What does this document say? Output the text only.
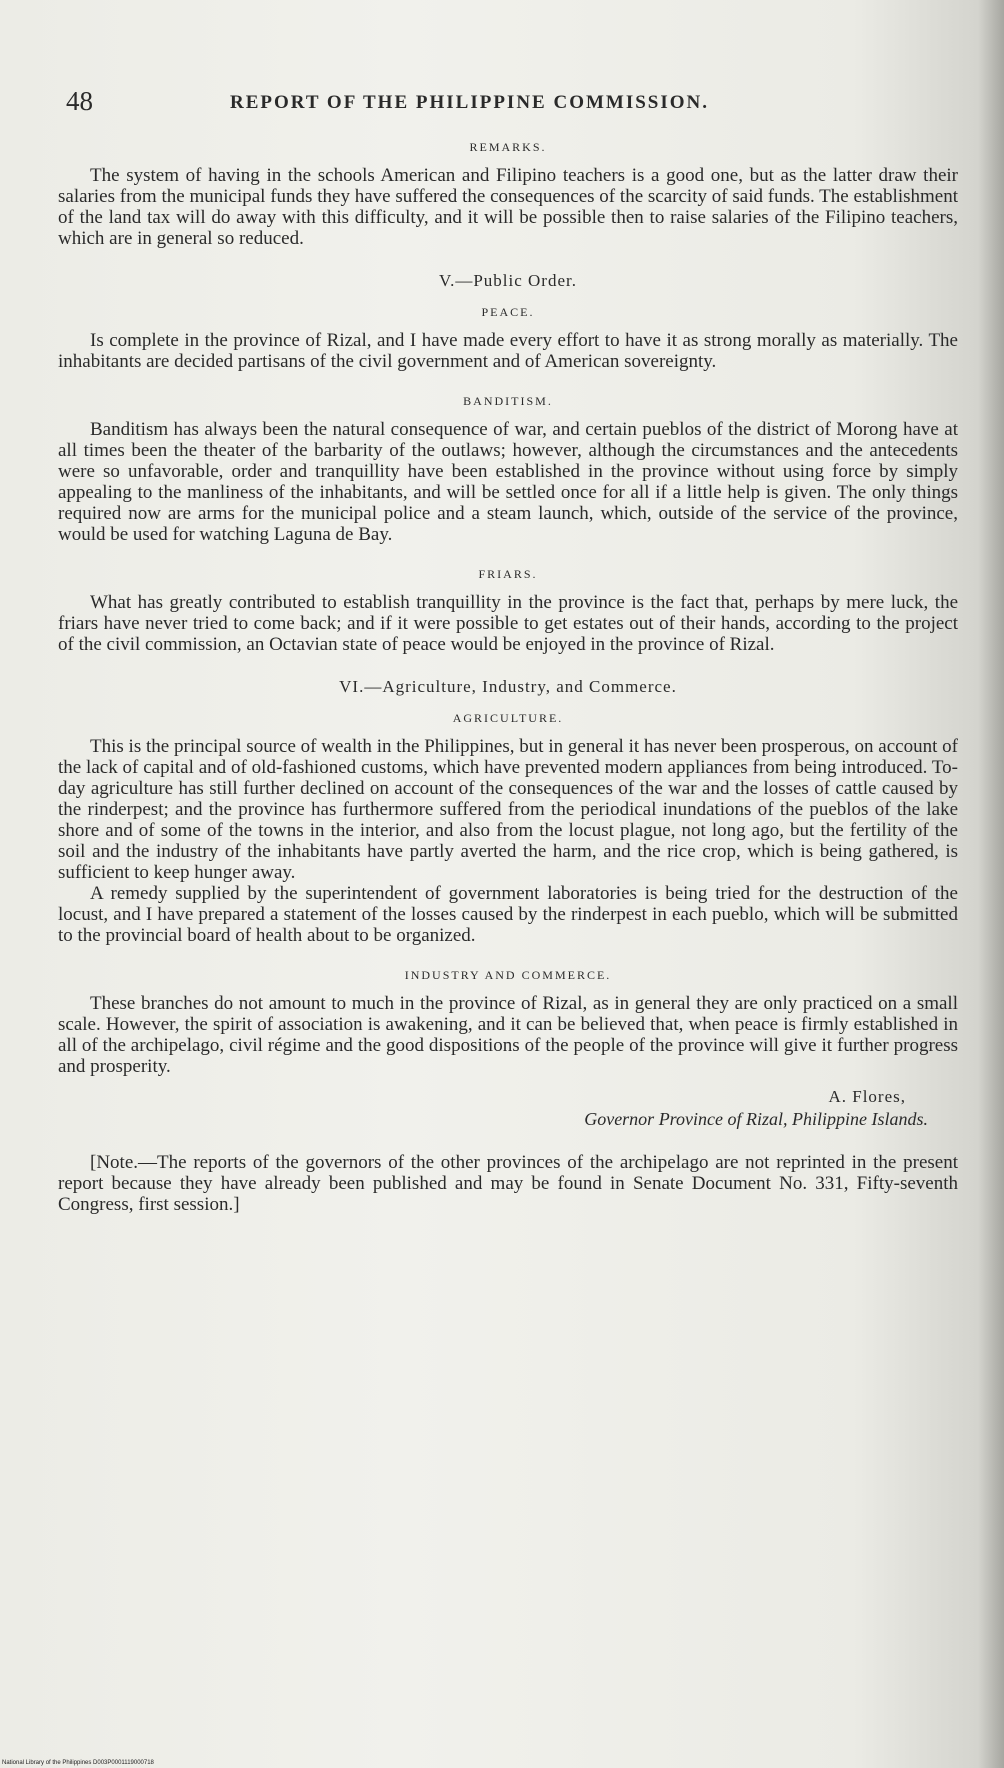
48	REPORT OF THE PHILIPPINE COMMISSION.
REMARKS.

The system of having in the schools American and Filipino teachers is a good one, but as the latter draw their salaries from the municipal funds they have suffered the consequences of the scarcity of said funds. The establishment of the land tax will do away with this difficulty, and it will be possible then to raise salaries of the Filipino teachers, which are in general so reduced.

V.—Public Order.
PEACE.

Is complete in the province of Rizal, and I have made every effort to have it as strong morally as materially. The inhabitants are decided partisans of the civil government and of American sovereignty.

BANDITISM.

Banditism has always been the natural consequence of war, and certain pueblos of the district of Morong have at all times been the theater of the barbarity of the outlaws; however, although the circumstances and the antecedents were so unfavorable, order and tranquillity have been established in the province without using force by simply appealing to the manliness of the inhabitants, and will be settled once for all if a little help is given. The only things required now are arms for the municipal police and a steam launch, which, outside of the service of the province, would be used for watching Laguna de Bay.

FRIARS.

What has greatly contributed to establish tranquillity in the province is the fact that, perhaps by mere luck, the friars have never tried to come back; and if it were possible to get estates out of their hands, according to the project of the civil commission, an Octavian state of peace would be enjoyed in the province of Rizal.

VI.—Agriculture, Industry, and Commerce.
AGRICULTURE.

This is the principal source of wealth in the Philippines, but in general it has never been prosperous, on account of the lack of capital and of old-fashioned customs, which have prevented modern appliances from being introduced. To-day agriculture has still further declined on account of the consequences of the war and the losses of cattle caused by the rinderpest; and the province has furthermore suffered from the periodical inundations of the pueblos of the lake shore and of some of the towns in the interior, and also from the locust plague, not long ago, but the fertility of the soil and the industry of the inhabitants have partly averted the harm, and the rice crop, which is being gathered, is sufficient to keep hunger away.

A remedy supplied by the superintendent of government laboratories is being tried for the destruction of the locust, and I have prepared a statement of the losses caused by the rinderpest in each pueblo, which will be submitted to the provincial board of health about to be organized.

INDUSTRY AND COMMERCE.

These branches do not amount to much in the province of Rizal, as in general they are only practiced on a small scale. However, the spirit of association is awakening, and it can be believed that, when peace is firmly established in all of the archipelago, civil régime and the good dispositions of the people of the province will give it further progress and prosperity.

A. Flores,
Governor Province of Rizal, Philippine Islands.

[Note.—The reports of the governors of the other provinces of the archipelago are not reprinted in the present report because they have already been published and may be found in Senate Document No. 331, Fifty-seventh Congress, first session.]

National Library of the Philippines D003P0001119000718
